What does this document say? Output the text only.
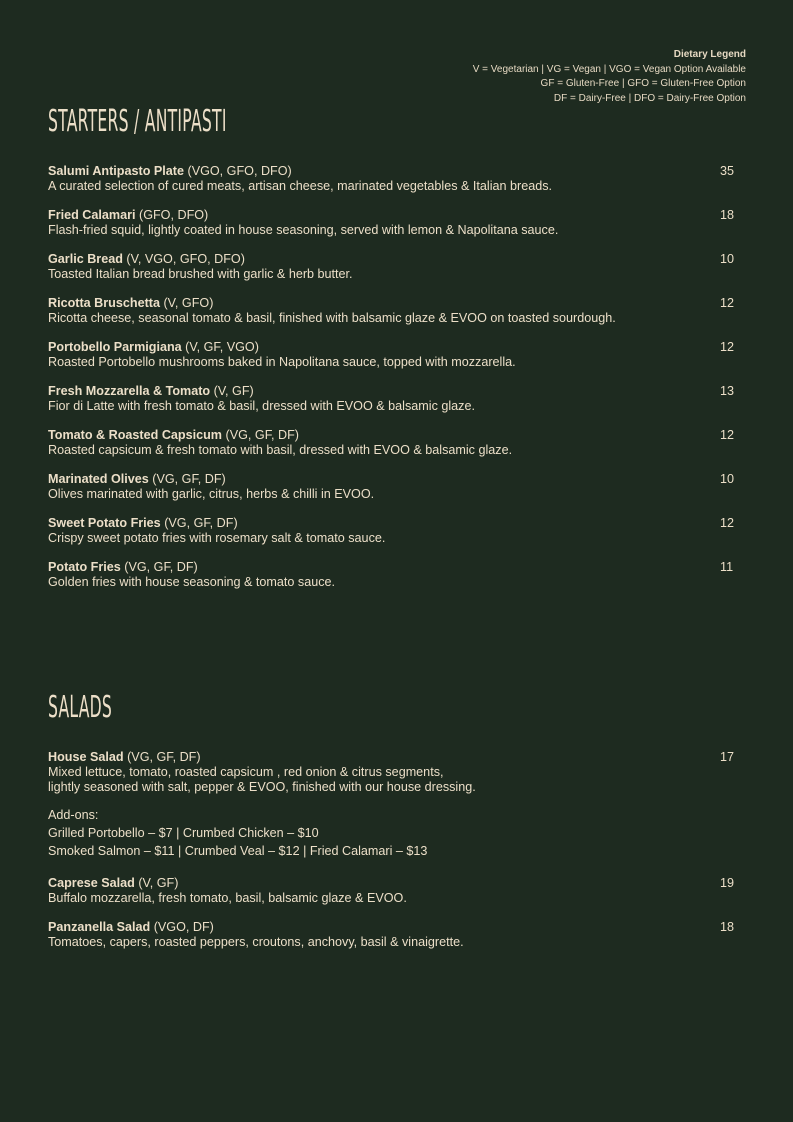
Dietary Legend
V = Vegetarian | VG = Vegan | VGO = Vegan Option Available
GF = Gluten-Free | GFO = Gluten-Free Option
DF = Dairy-Free | DFO = Dairy-Free Option
STARTERS / ANTIPASTI
Salumi Antipasto Plate (VGO, GFO, DFO)
A curated selection of cured meats, artisan cheese, marinated vegetables & Italian breads.
35
Fried Calamari (GFO, DFO)
Flash-fried squid, lightly coated in house seasoning, served with lemon & Napolitana sauce.
18
Garlic Bread (V, VGO, GFO, DFO)
Toasted Italian bread brushed with garlic & herb butter.
10
Ricotta Bruschetta (V, GFO)
Ricotta cheese, seasonal tomato & basil, finished with balsamic glaze & EVOO on toasted sourdough.
12
Portobello Parmigiana (V, GF, VGO)
Roasted Portobello mushrooms baked in Napolitana sauce, topped with mozzarella.
12
Fresh Mozzarella & Tomato (V, GF)
Fior di Latte with fresh tomato & basil, dressed with EVOO & balsamic glaze.
13
Tomato & Roasted Capsicum (VG, GF, DF)
Roasted capsicum & fresh tomato with basil, dressed with EVOO & balsamic glaze.
12
Marinated Olives (VG, GF, DF)
Olives marinated with garlic, citrus, herbs & chilli in EVOO.
10
Sweet Potato Fries (VG, GF, DF)
Crispy sweet potato fries with rosemary salt & tomato sauce.
12
Potato Fries (VG, GF, DF)
Golden fries with house seasoning & tomato sauce.
11
SALADS
House Salad (VG, GF, DF)
Mixed lettuce, tomato, roasted capsicum , red onion & citrus segments,
lightly seasoned with salt, pepper & EVOO, finished with our house dressing.
17
Add-ons:
Grilled Portobello – $7 | Crumbed Chicken – $10
Smoked Salmon – $11 | Crumbed Veal – $12 | Fried Calamari – $13
Caprese Salad (V, GF)
Buffalo mozzarella, fresh tomato, basil, balsamic glaze & EVOO.
19
Panzanella Salad (VGO, DF)
Tomatoes, capers, roasted peppers, croutons, anchovy, basil & vinaigrette.
18
